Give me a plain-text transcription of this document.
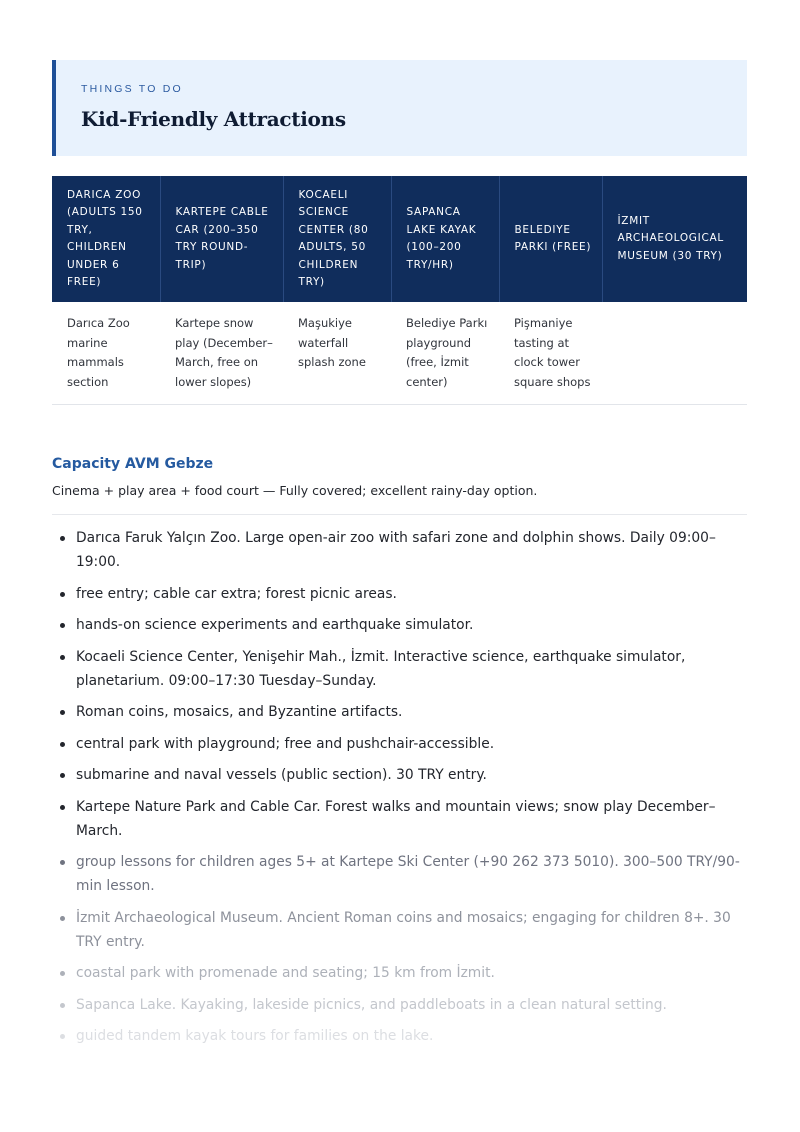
THINGS TO DO
Kid-Friendly Attractions
DARICA ZOO (ADULTS 150 TRY, CHILDREN UNDER 6 FREE)	KARTEPE CABLE CAR (200–350 TRY ROUND-TRIP)	KOCAELI SCIENCE CENTER (80 ADULTS, 50 CHILDREN TRY)	SAPANCA LAKE KAYAK (100–200 TRY/HR)	BELEDIYE PARKI (FREE)	İZMIT ARCHAEOLOGICAL MUSEUM (30 TRY)
Darıca Zoo marine mammals section	Kartepe snow play (December–March, free on lower slopes)	Maşukiye waterfall splash zone	Belediye Parkı playground (free, İzmit center)	Pişmaniye tasting at clock tower square shops	
Capacity AVM Gebze
Cinema + play area + food court — Fully covered; excellent rainy-day option.
Darıca Faruk Yalçın Zoo. Large open-air zoo with safari zone and dolphin shows. Daily 09:00–19:00.
free entry; cable car extra; forest picnic areas.
hands-on science experiments and earthquake simulator.
Kocaeli Science Center, Yenişehir Mah., İzmit. Interactive science, earthquake simulator, planetarium. 09:00–17:30 Tuesday–Sunday.
Roman coins, mosaics, and Byzantine artifacts.
central park with playground; free and pushchair-accessible.
submarine and naval vessels (public section). 30 TRY entry.
Kartepe Nature Park and Cable Car. Forest walks and mountain views; snow play December–March.
group lessons for children ages 5+ at Kartepe Ski Center (+90 262 373 5010). 300–500 TRY/90-min lesson.
İzmit Archaeological Museum. Ancient Roman coins and mosaics; engaging for children 8+. 30 TRY entry.
coastal park with promenade and seating; 15 km from İzmit.
Sapanca Lake. Kayaking, lakeside picnics, and paddleboats in a clean natural setting.
guided tandem kayak tours for families on the lake.
